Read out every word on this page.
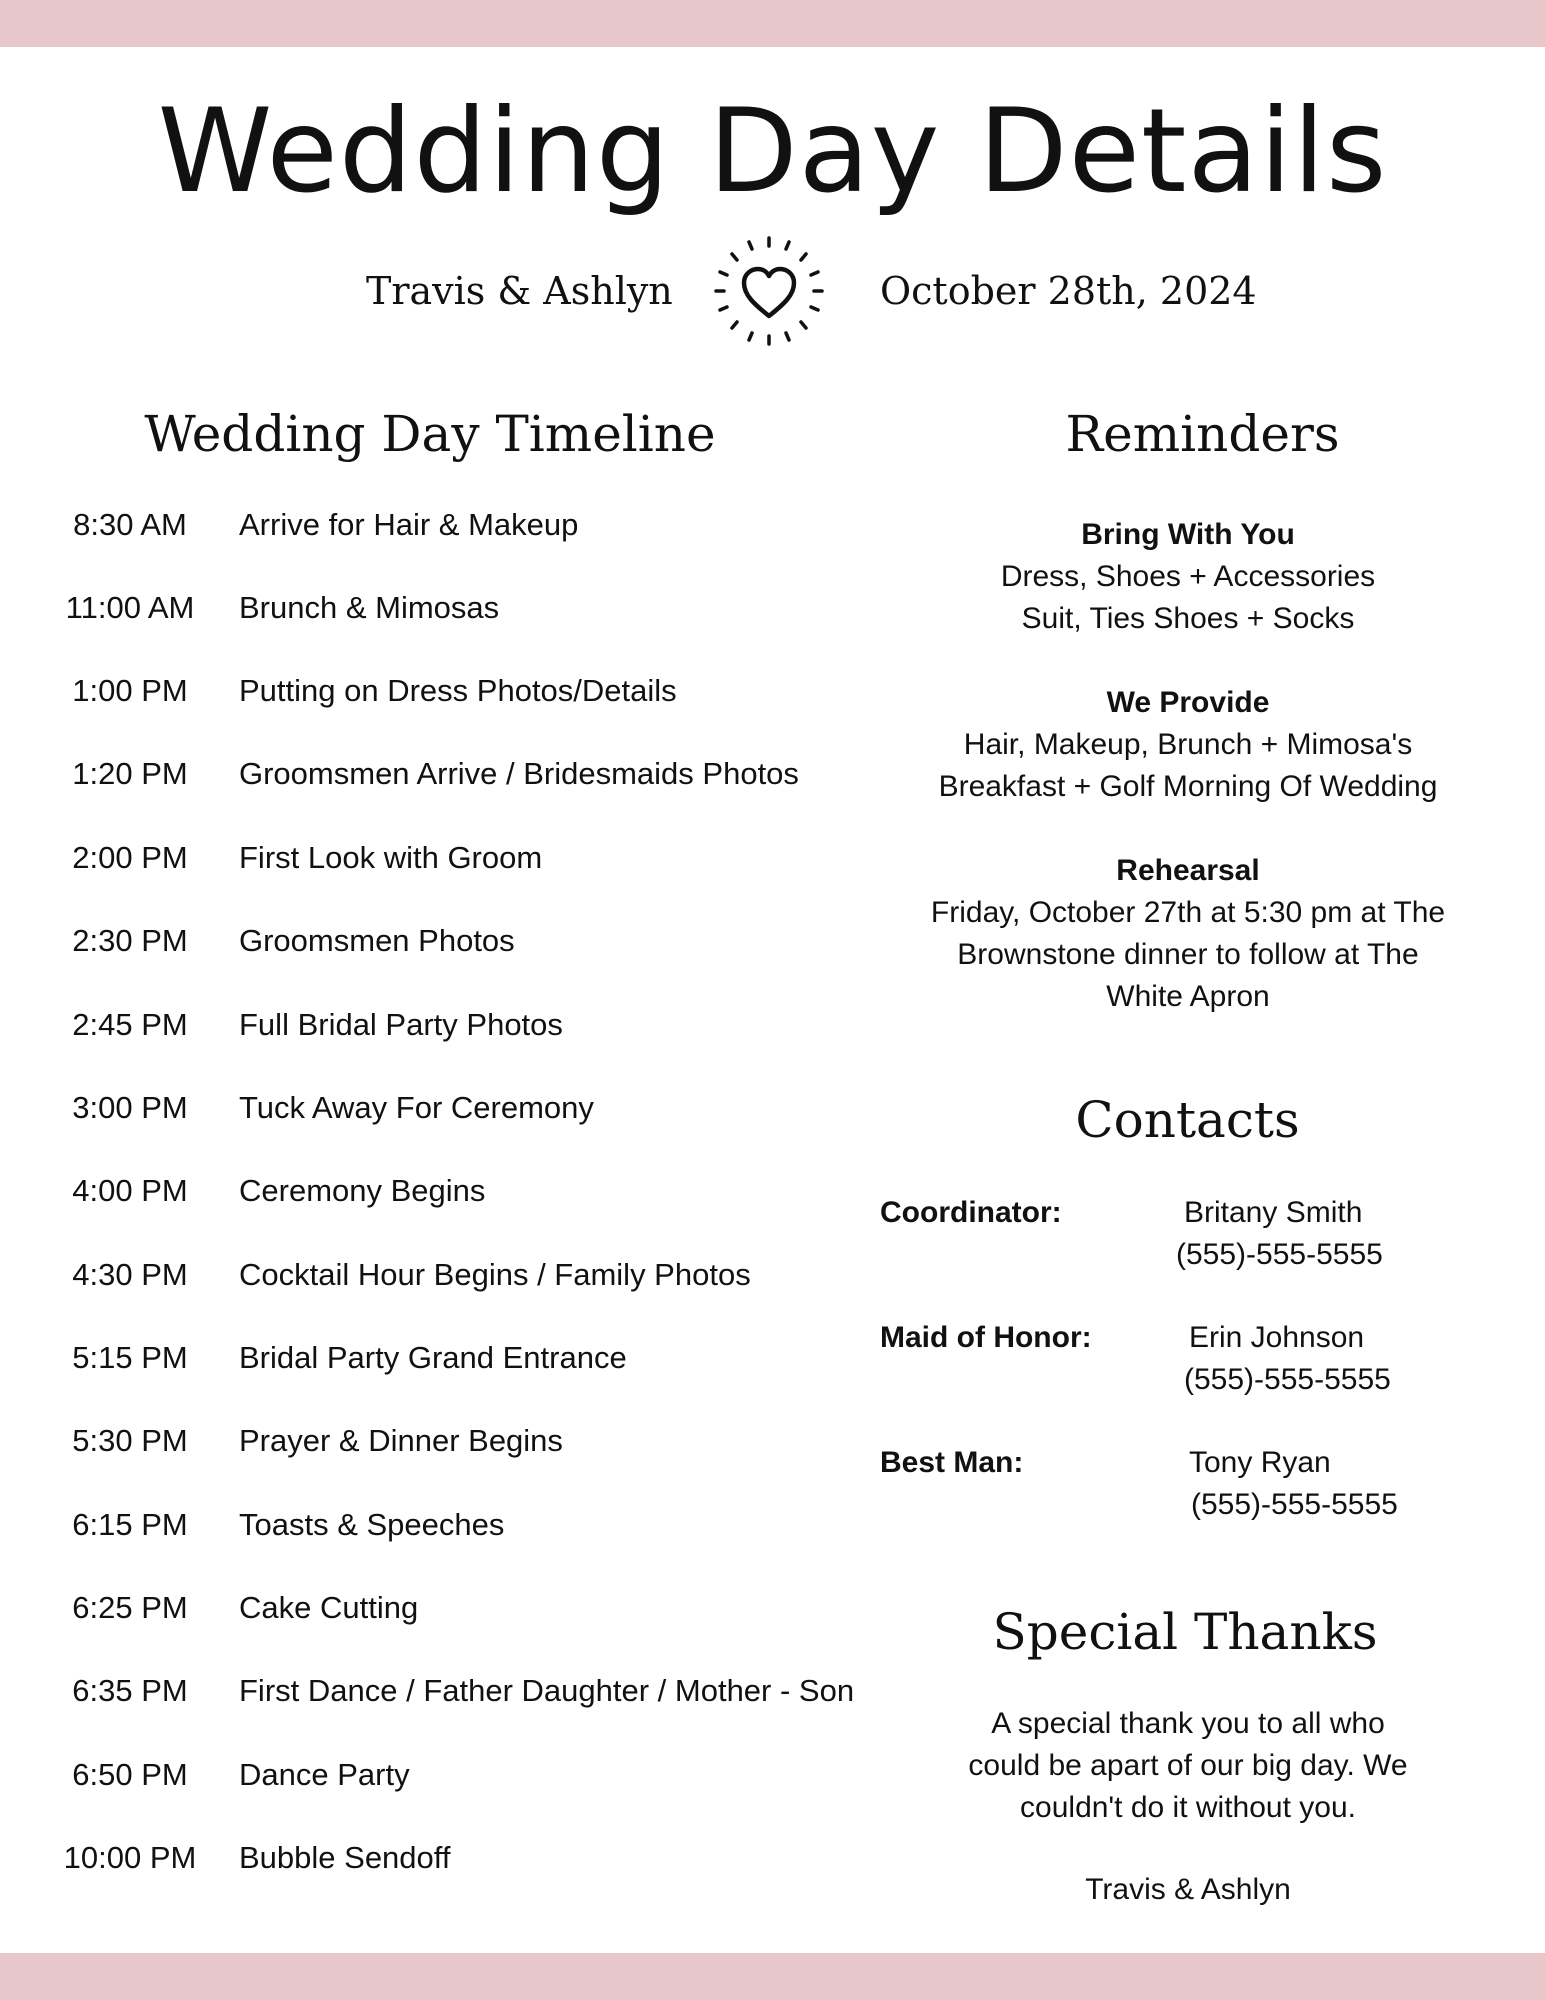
Wedding Day Details
Travis & Ashlyn	October 28th, 2024
Wedding Day Timeline
8:30 AM	Arrive for Hair & Makeup
11:00 AM	Brunch & Mimosas
1:00 PM	Putting on Dress Photos/Details
1:20 PM	Groomsmen Arrive / Bridesmaids Photos
2:00 PM	First Look with Groom
2:30 PM	Groomsmen Photos
2:45 PM	Full Bridal Party Photos
3:00 PM	Tuck Away For Ceremony
4:00 PM	Ceremony Begins
4:30 PM	Cocktail Hour Begins / Family Photos
5:15 PM	Bridal Party Grand Entrance
5:30 PM	Prayer & Dinner Begins
6:15 PM	Toasts & Speeches
6:25 PM	Cake Cutting
6:35 PM	First Dance / Father Daughter / Mother - Son
6:50 PM	Dance Party
10:00 PM	Bubble Sendoff
Reminders
Bring With You
Dress, Shoes + Accessories
Suit, Ties Shoes + Socks
We Provide
Hair, Makeup, Brunch + Mimosa's
Breakfast + Golf Morning Of Wedding
Rehearsal
Friday, October 27th at 5:30 pm at The
Brownstone dinner to follow at The
White Apron
Contacts
Coordinator:	Britany Smith
(555)-555-5555
Maid of Honor:	Erin Johnson
(555)-555-5555
Best Man:	Tony Ryan
(555)-555-5555
Special Thanks
A special thank you to all who
could be apart of our big day. We
couldn't do it without you.
Travis & Ashlyn
